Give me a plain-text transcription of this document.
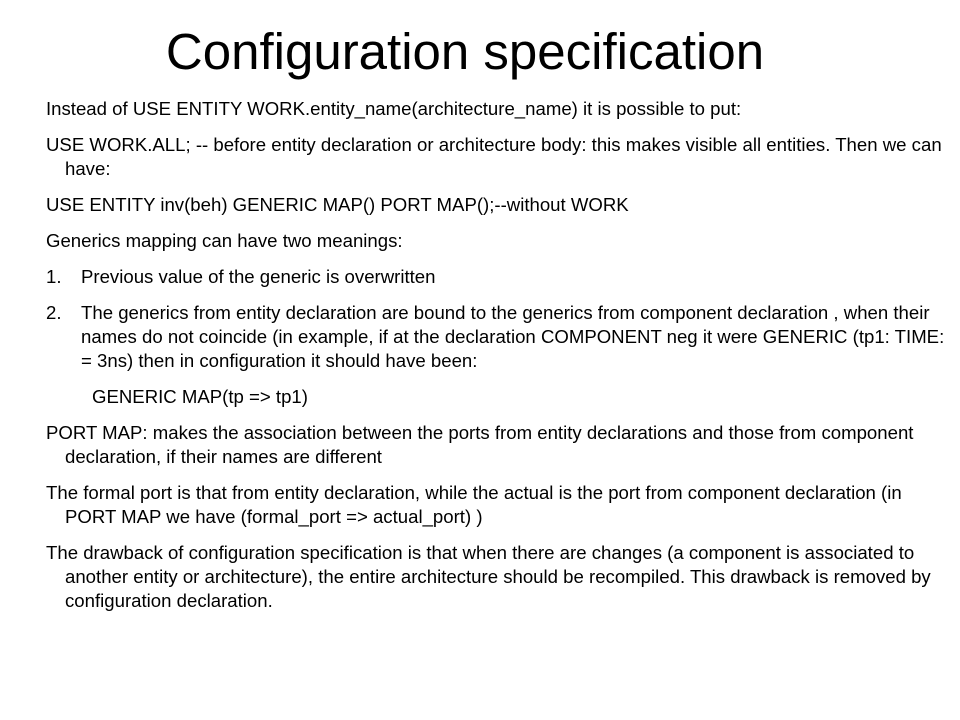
Configuration specification

Instead of USE ENTITY WORK.entity_name(architecture_name) it is possible to put:

USE WORK.ALL; -- before entity declaration or architecture body: this makes visible all entities. Then we can have:

USE ENTITY inv(beh) GENERIC MAP() PORT MAP();--without WORK

Generics mapping can have two meanings:

1.	Previous value of the generic is overwritten
2.	The generics from entity declaration are bound to the generics from component declaration , when their names do not coincide (in example, if at the declaration COMPONENT neg it were GENERIC (tp1: TIME: = 3ns) then in configuration it should have been:

GENERIC MAP(tp => tp1)

PORT MAP: makes the association between the ports from entity declarations and those from component declaration, if their names are different

The formal port is that from entity declaration, while the actual is the port from component declaration (in PORT MAP we have (formal_port => actual_port) )

The drawback of configuration specification is that when there are changes (a component is associated to another entity or architecture), the entire architecture should be recompiled. This drawback is removed by configuration declaration.
